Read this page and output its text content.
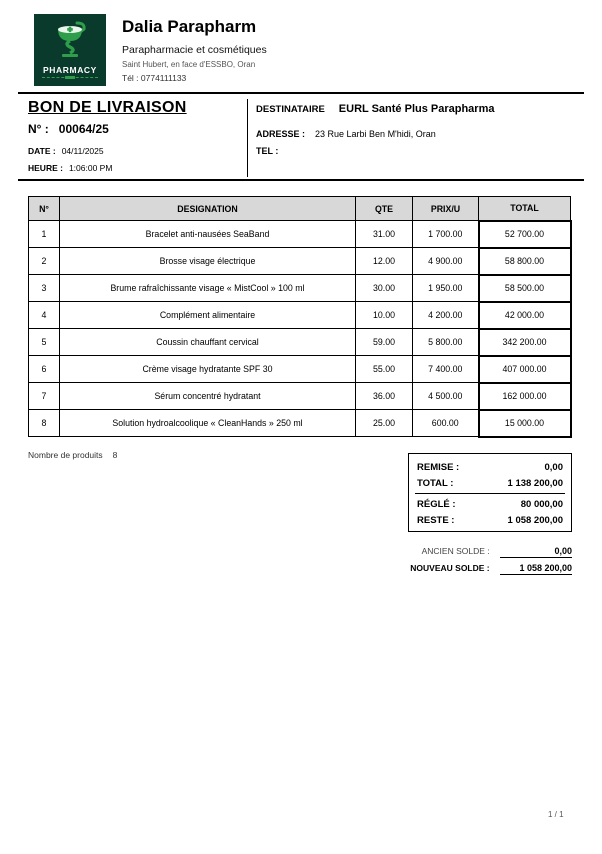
PHARMACY
Dalia Parapharm
Parapharmacie et cosmétiques
Saint Hubert, en face d'ESSBO, Oran
Tél : 0774111133
BON DE LIVRAISON
N° : 00064/25
DATE : 04/11/2025
HEURE : 1:06:00 PM
DESTINATAIRE EURL Santé Plus Parapharma
ADRESSE : 23 Rue Larbi Ben M'hidi, Oran
TEL :
N°	DESIGNATION	QTE	PRIX/U	TOTAL
1	Bracelet anti-nausées SeaBand	31.00	1 700.00	52 700.00
2	Brosse visage électrique	12.00	4 900.00	58 800.00
3	Brume rafraîchissante visage « MistCool » 100 ml	30.00	1 950.00	58 500.00
4	Complément alimentaire	10.00	4 200.00	42 000.00
5	Coussin chauffant cervical	59.00	5 800.00	342 200.00
6	Crème visage hydratante SPF 30	55.00	7 400.00	407 000.00
7	Sérum concentré hydratant	36.00	4 500.00	162 000.00
8	Solution hydroalcoolique « CleanHands » 250 ml	25.00	600.00	15 000.00
Nombre de produits 8
REMISE :	0,00
TOTAL :	1 138 200,00
RÉGLÉ :	80 000,00
RESTE :	1 058 200,00
ANCIEN SOLDE :	0,00
NOUVEAU SOLDE :	1 058 200,00
1 / 1
